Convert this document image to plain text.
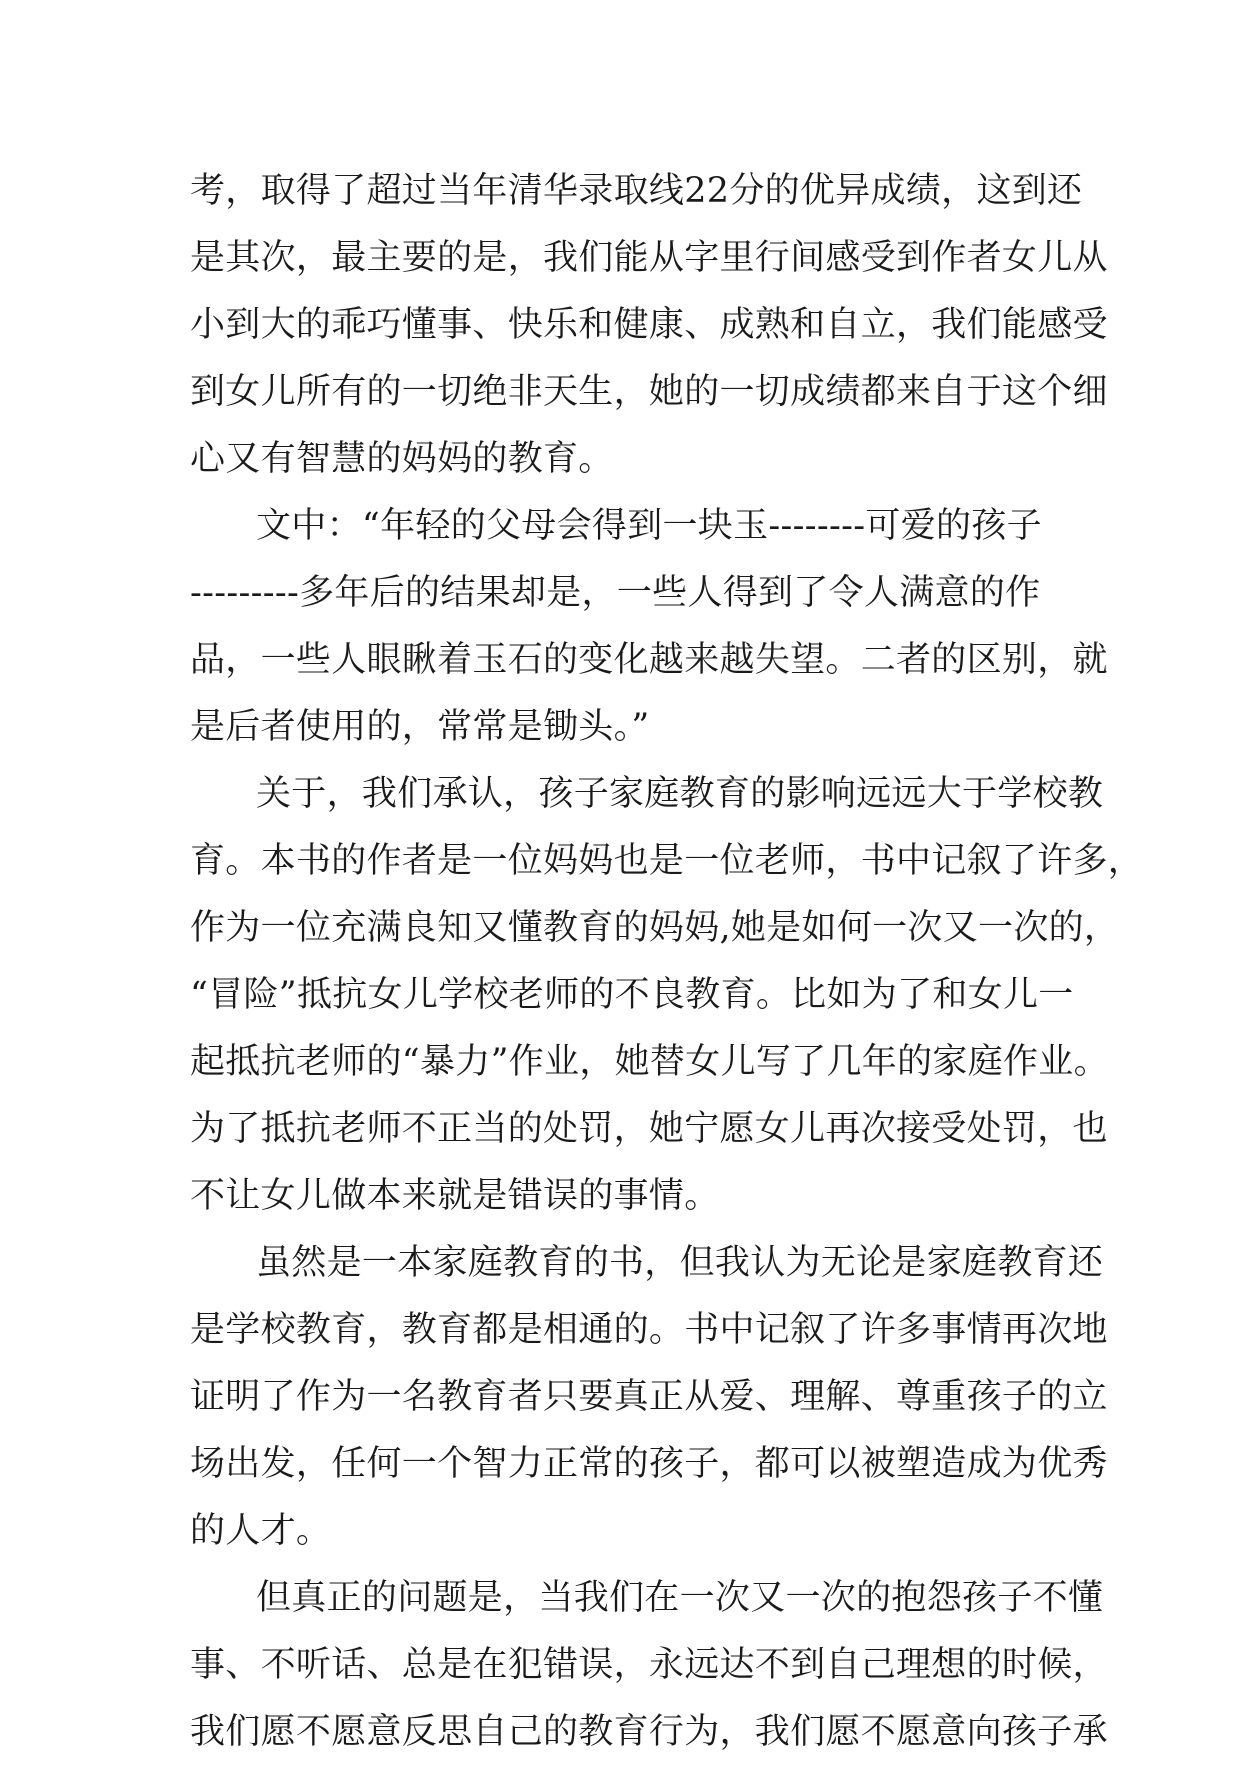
考，取得了超过当年清华录取线22分的优异成绩，这到还
是其次，最主要的是，我们能从字里行间感受到作者女儿从
小到大的乖巧懂事、快乐和健康、成熟和自立，我们能感受
到女儿所有的一切绝非天生，她的一切成绩都来自于这个细
心又有智慧的妈妈的教育。
文中：“年轻的父母会得到一块玉--------可爱的孩子
---------多年后的结果却是，一些人得到了令人满意的作
品，一些人眼瞅着玉石的变化越来越失望。二者的区别，就
是后者使用的，常常是锄头。”
关于，我们承认，孩子家庭教育的影响远远大于学校教
育。本书的作者是一位妈妈也是一位老师，书中记叙了许多，
作为一位充满良知又懂教育的妈妈,她是如何一次又一次的，
“冒险”抵抗女儿学校老师的不良教育。比如为了和女儿一
起抵抗老师的“暴力”作业，她替女儿写了几年的家庭作业。
为了抵抗老师不正当的处罚，她宁愿女儿再次接受处罚，也
不让女儿做本来就是错误的事情。
虽然是一本家庭教育的书，但我认为无论是家庭教育还
是学校教育，教育都是相通的。书中记叙了许多事情再次地
证明了作为一名教育者只要真正从爱、理解、尊重孩子的立
场出发，任何一个智力正常的孩子，都可以被塑造成为优秀
的人才。
但真正的问题是，当我们在一次又一次的抱怨孩子不懂
事、不听话、总是在犯错误，永远达不到自己理想的时候，
我们愿不愿意反思自己的教育行为，我们愿不愿意向孩子承
